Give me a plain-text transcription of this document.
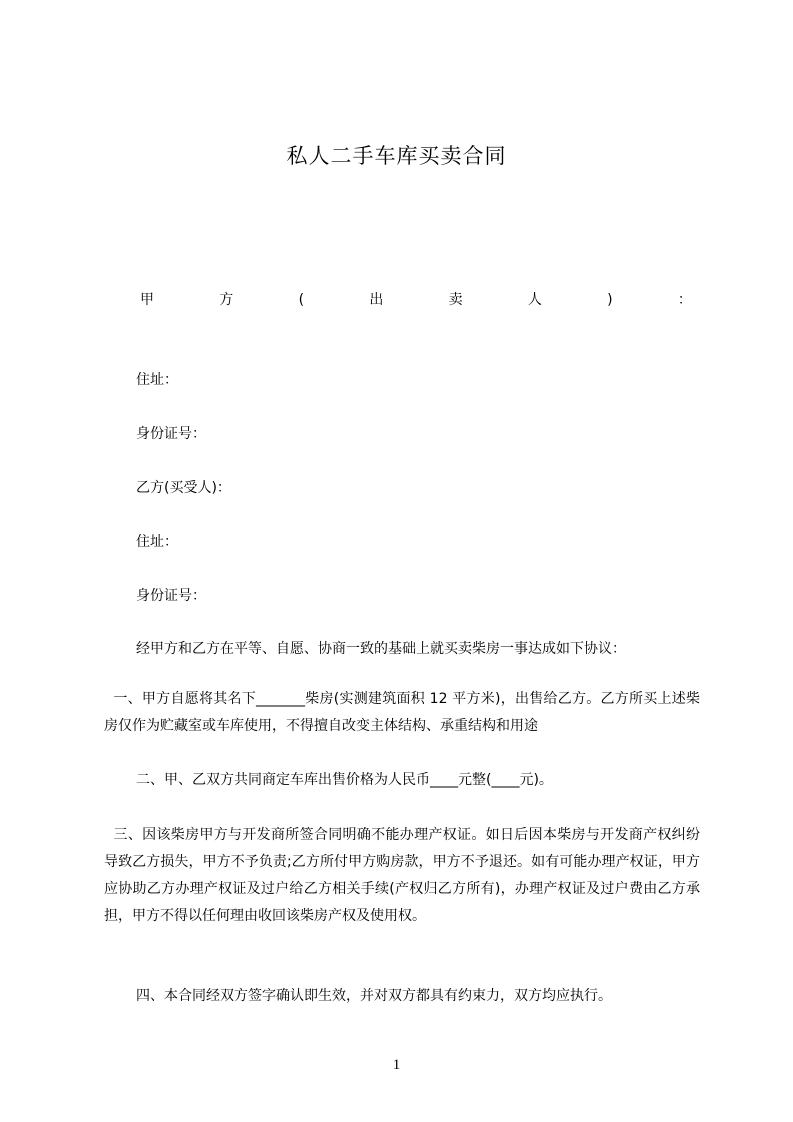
私人二手车库买卖合同
甲	方	(	出	卖	人	)	：
住址：
身份证号：
乙方(买受人)：
住址：
身份证号：
经甲方和乙方在平等、自愿、协商一致的基础上就买卖柴房一事达成如下协议：
一、甲方自愿将其名下_______柴房(实测建筑面积 12 平方米)，出售给乙方。乙方所买上述柴房仅作为贮藏室或车库使用，不得擅自改变主体结构、承重结构和用途
二、甲、乙双方共同商定车库出售价格为人民币____元整(____元)。
三、因该柴房甲方与开发商所签合同明确不能办理产权证。如日后因本柴房与开发商产权纠纷导致乙方损失，甲方不予负责;乙方所付甲方购房款，甲方不予退还。如有可能办理产权证，甲方应协助乙方办理产权证及过户给乙方相关手续(产权归乙方所有)，办理产权证及过户费由乙方承担，甲方不得以任何理由收回该柴房产权及使用权。
四、本合同经双方签字确认即生效，并对双方都具有约束力，双方均应执行。
1
